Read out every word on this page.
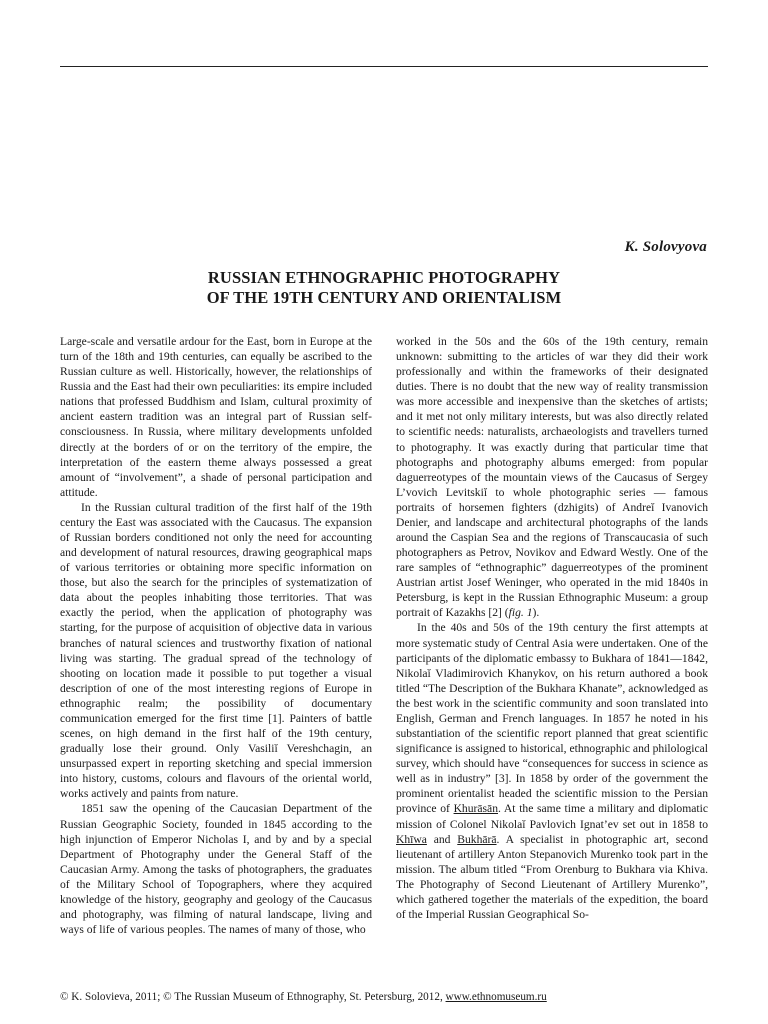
K. Solovyova
RUSSIAN ETHNOGRAPHIC PHOTOGRAPHY
OF THE 19TH CENTURY AND ORIENTALISM

Large-scale and versatile ardour for the East, born in Europe at the turn of the 18th and 19th centuries, can equally be ascribed to the Russian culture as well. Historically, however, the relationships of Russia and the East had their own peculiarities: its empire included nations that professed Buddhism and Islam, cultural proximity of ancient eastern tradition was an integral part of Russian self-consciousness. In Russia, where military developments unfolded directly at the borders of or on the territory of the empire, the interpretation of the eastern theme always possessed a great amount of “involvement”, a shade of personal participation and attitude.

In the Russian cultural tradition of the first half of the 19th century the East was associated with the Caucasus. The expansion of Russian borders conditioned not only the need for accounting and development of natural resources, drawing geographical maps of various territories or obtaining more specific information on those, but also the search for the principles of systematization of data about the peoples inhabiting those territories. That was exactly the period, when the application of photography was starting, for the purpose of acquisition of objective data in various branches of natural sciences and trustworthy fixation of national living was starting. The gradual spread of the technology of shooting on location made it possible to put together a visual description of one of the most interesting regions of Europe in ethnographic realm; the possibility of documentary communication emerged for the first time [1]. Painters of battle scenes, on high demand in the first half of the 19th century, gradually lose their ground. Only Vasiliĭ Vereshchagin, an unsurpassed expert in reporting sketching and special immersion into history, customs, colours and flavours of the oriental world, works actively and paints from nature.

1851 saw the opening of the Caucasian Department of the Russian Geographic Society, founded in 1845 according to the high injunction of Emperor Nicholas I, and by and by a special Department of Photography under the General Staff of the Caucasian Army. Among the tasks of photographers, the graduates of the Military School of Topographers, where they acquired knowledge of the history, geography and geology of the Caucasus and photography, was filming of natural landscape, living and ways of life of various peoples. The names of many of those, who

worked in the 50s and the 60s of the 19th century, remain unknown: submitting to the articles of war they did their work professionally and within the frameworks of their designated duties. There is no doubt that the new way of reality transmission was more accessible and inexpensive than the sketches of artists; and it met not only military interests, but was also directly related to scientific needs: naturalists, archaeologists and travellers turned to photography. It was exactly during that particular time that photographs and photography albums emerged: from popular daguerreotypes of the mountain views of the Caucasus of Sergey L’vovich Levitskiĭ to whole photographic series — famous portraits of horsemen fighters (dzhigits) of Andreĭ Ivanovich Denier, and landscape and architectural photographs of the lands around the Caspian Sea and the regions of Transcaucasia of such photographers as Petrov, Novikov and Edward Westly. One of the rare samples of “ethnographic” daguerreotypes of the prominent Austrian artist Josef Weninger, who operated in the mid 1840s in Petersburg, is kept in the Russian Ethnographic Museum: a group portrait of Kazakhs [2] (fig. 1).

In the 40s and 50s of the 19th century the first attempts at more systematic study of Central Asia were undertaken. One of the participants of the diplomatic embassy to Bukhara of 1841—1842, Nikolaĭ Vladimirovich Khanykov, on his return authored a book titled “The Description of the Bukhara Khanate”, acknowledged as the best work in the scientific community and soon translated into English, German and French languages. In 1857 he noted in his substantiation of the scientific report planned that great scientific significance is assigned to historical, ethnographic and philological survey, which should have “consequences for success in science as well as in industry” [3]. In 1858 by order of the government the prominent orientalist headed the scientific mission to the Persian province of Khurāsān. At the same time a military and diplomatic mission of Colonel Nikolaĭ Pavlovich Ignat’ev set out in 1858 to Khīwa and Bukhārā. A specialist in photographic art, second lieutenant of artillery Anton Stepanovich Murenko took part in the mission. The album titled “From Orenburg to Bukhara via Khiva. The Photography of Second Lieutenant of Artillery Murenko”, which gathered together the materials of the expedition, the board of the Imperial Russian Geographical So-

© K. Solovieva, 2011; © The Russian Museum of Ethnography, St. Petersburg, 2012, www.ethnomuseum.ru
